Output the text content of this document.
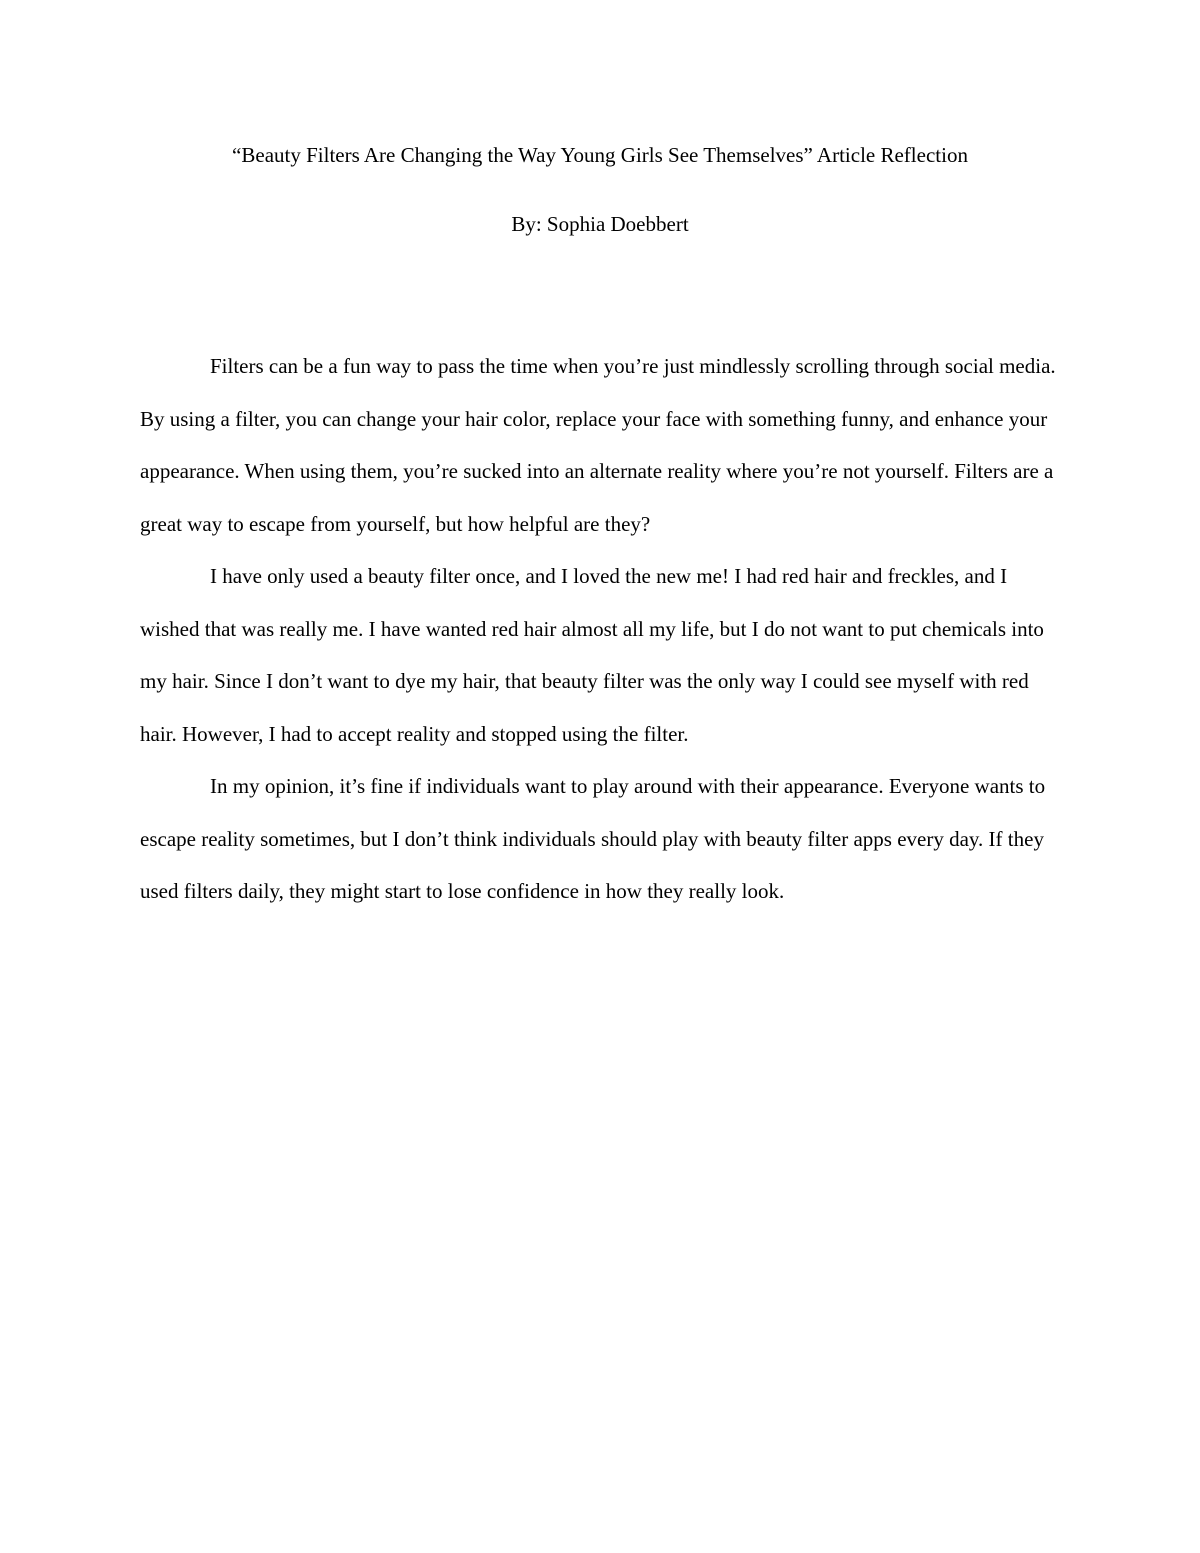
“Beauty Filters Are Changing the Way Young Girls See Themselves” Article Reflection
By: Sophia Doebbert

Filters can be a fun way to pass the time when you’re just mindlessly scrolling through social media. By using a filter, you can change your hair color, replace your face with something funny, and enhance your appearance. When using them, you’re sucked into an alternate reality where you’re not yourself. Filters are a great way to escape from yourself, but how helpful are they?

I have only used a beauty filter once, and I loved the new me! I had red hair and freckles, and I wished that was really me. I have wanted red hair almost all my life, but I do not want to put chemicals into my hair. Since I don’t want to dye my hair, that beauty filter was the only way I could see myself with red hair. However, I had to accept reality and stopped using the filter.

In my opinion, it’s fine if individuals want to play around with their appearance. Everyone wants to escape reality sometimes, but I don’t think individuals should play with beauty filter apps every day. If they used filters daily, they might start to lose confidence in how they really look.
